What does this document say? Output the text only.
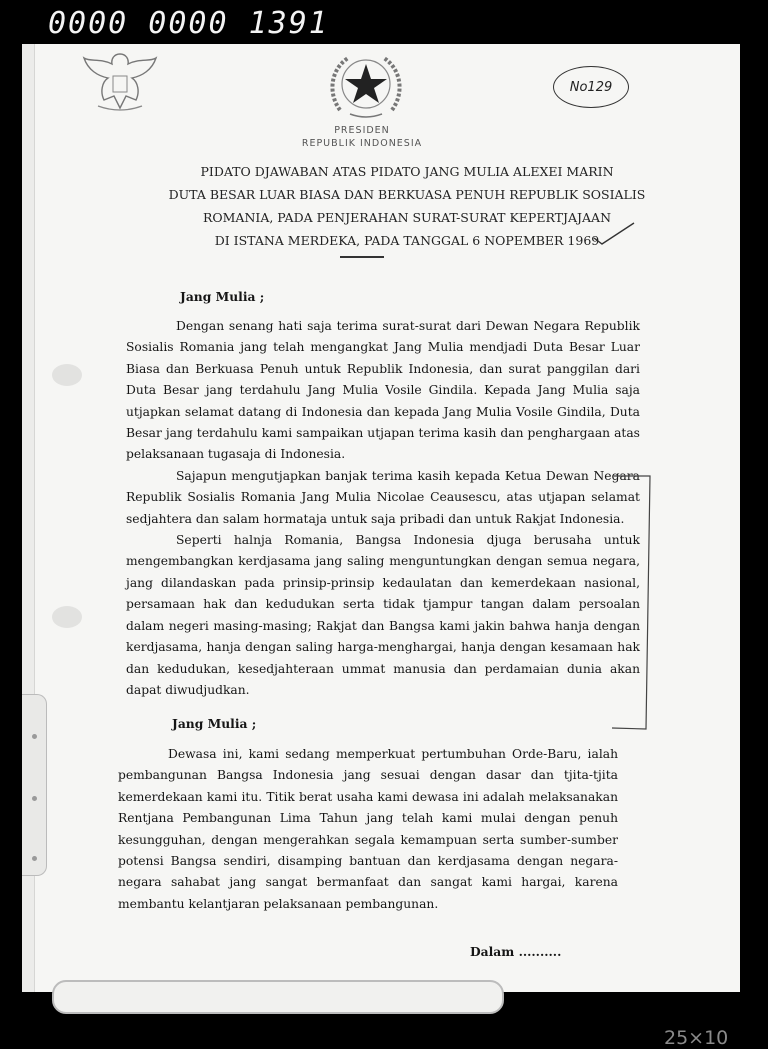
0000 0000 1391
No129
PRESIDEN
REPUBLIK INDONESIA
PIDATO DJAWABAN ATAS PIDATO JANG MULIA ALEXEI MARIN
DUTA BESAR LUAR BIASA DAN BERKUASA PENUH REPUBLIK SOSIALIS
ROMANIA, PADA PENJERAHAN SURAT-SURAT KEPERTJAJAAN
DI ISTANA MERDEKA, PADA TANGGAL 6 NOPEMBER 1969
Jang Mulia ;

Dengan senang hati saja terima surat-surat dari Dewan Negara Republik Sosialis Romania jang telah mengangkat Jang Mulia mendjadi Duta Besar Luar Biasa dan Berkuasa Penuh untuk Republik Indonesia, dan surat panggilan dari Duta Besar jang terdahulu Jang Mulia Vosile Gindila. Kepada Jang Mulia saja utjapkan selamat datang di Indonesia dan kepada Jang Mulia Vosile Gindila, Duta Besar jang terdahulu kami sampaikan utjapan terima kasih dan penghargaan atas pelaksanaan tugasaja di Indonesia.

Sajapun mengutjapkan banjak terima kasih kepada Ketua Dewan Negara Republik Sosialis Romania Jang Mulia Nicolae Ceausescu, atas utjapan selamat sedjahtera dan salam hormataja untuk saja pribadi dan untuk Rakjat Indonesia.

Seperti halnja Romania, Bangsa Indonesia djuga berusaha untuk mengembangkan kerdjasama jang saling menguntungkan dengan semua negara, jang dilandaskan pada prinsip-prinsip kedaulatan dan kemerdekaan nasional, persamaan hak dan kedudukan serta tidak tjampur tangan dalam persoalan dalam negeri masing-masing; Rakjat dan Bangsa kami jakin bahwa hanja dengan kerdjasama, hanja dengan saling harga-menghargai, hanja dengan kesamaan hak dan kedudukan, kesedjahteraan ummat manusia dan perdamaian dunia akan dapat diwudjudkan.

Jang Mulia ;

Dewasa ini, kami sedang memperkuat pertumbuhan Orde-Baru, ialah pembangunan Bangsa Indonesia jang sesuai dengan dasar dan tjita-tjita kemerdekaan kami itu. Titik berat usaha kami dewasa ini adalah melaksanakan Rentjana Pembangunan Lima Tahun jang telah kami mulai dengan penuh kesungguhan, dengan mengerahkan segala kemampuan serta sumber-sumber potensi Bangsa sendiri, disamping bantuan dan kerdjasama dengan negara-negara sahabat jang sangat bermanfaat dan sangat kami hargai, karena membantu kelantjaran pelaksanaan pembangunan.

Dalam ..........
25×10
